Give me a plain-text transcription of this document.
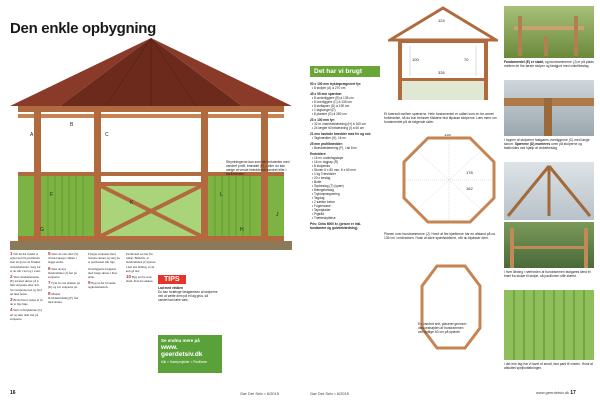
Den enkle opbygning
A	C
B
F
K
L
J
G	H
Stryntningerne kan som her bekrædes med vandret profil, bræddet (F) – eller du kan vælge at vende brædderne vandret eller i skråmønster.

1 Når du har fundet et egnet sted til pavillonen skal du grave de 8 huller til fundamentet. Sørg for at de står i lod og i vater.

2 Skær fundamenterne (E) ud med skruer på 4 mm stolpesko eller stål. Sæt stolperne ned og fyld ud med beton.

3 Brænd hver stolpe af så de er lige høje.

4 Skær loftstykkerne (G) ud og skru dem fast på stolperne.

5 Skær de otte sider (S) til med skarpe vinkler i begge ender.

6 Skru de nye bundrammer (J) fast på stolperne.

7 Fyld de otte planker på (K) og sæt stolperne på.

8 Monter bræddeklædning (F) fast med skruer.

Fastgør stolperne med lodrette skruer og sørg for at pavillonen står lige.

Overliggerne fastgøres med lange skruer i hver ende.

9 Byg så det bærende tagkonstruktion.

Pavillonen ser her fin sådan. Bemærk, at bundrammen (J) fjernes i den ene åbning, så du kan gå ind.

10 Byg en rist som bund, hvis det ønskes.	TIPS
Lad med vinklen
Du kan forlænge fastgørelsen af stolperne ved at sætte dem på et lag grus, så vandet kan løbe væk.
Se endnu mere på
www.
geerdetsiv.dk
Klik > Haveprojekter > Pavilloner
16	Gør Det Selv • 6/2015
124
326
100	70
Det har vi brugt
50 x 100 mm trykimprægneret fyr:
• 8 stolper (A) à 270 cm
45 x 95 mm spærtræ:
• 8 underliggere (B) à 135 cm
• 8 overliggere (C) à 135 cm
• 8 skråspær (D) à 190 cm
• 1 tagkongel (E)
• 8 planker (G) à 280 cm
23 x 100 mm fyr:
• 32 m underbeklædning (H) à 160 cm
• 24 lægter til beklædning (I) à 60 cm
21 mm høvlede brædder med fer og not:
• Tagbrædder (K), 16 m²
25 mm profilbrædder:
• Bræddeklædning (F), i alt 8 m²
Endvidere:
• 16 m² underlagstape
• 16 m² tagpap (R)
• 8 stolpesko
• Skruer 6 x 80 mm, 6 x 60 mm
• 1 kg Trævinkler
• 20 x beslag
• Bolte
• Topbeslag (T) (spær)
• Hængebeslag
• Trykimprægnering
• Tagdug
• 2 sække beton
• Fugemasse
• Tapetplader
• Pigtråd
• Træbeskyttelse
Pris: Cirka 6000 kr. (prisen er inkl. fundament og gulvbeklædning)
Et tværsnit mellem spærerne. Hele fundamentet er udført som en tre-armet forbindelse, så du kun behøver tilskære blot tilpasse stolperne. Læs mere om fundamentet på de følgende sider.
135
178
162
Planen over bundrammerne (J). Hvert af fire bjælkerne har en afstand på ca. 135 cm i omkredsen. Husk at sikre spærfødderne, når du tilpasser dem.
En vandret snit, placeret gennem vindueshøjden af bundrammen ved nyttige 60 cm på spæret.
Fundamentet (E) er støbt, og bundrammerne (J) er på plads mellem de fire første stolper og fastgjort med vinkelbeslag.
I toppen af stolperne fastgøres overliggerne (C) med lange skruer. Spærene (D) monteres oven på stolperne og fastholdes ved hjælp af vinkelbeslag.
I hver åbning i nærheden af bundrammen fastgøres først et bræt fra stolpe til stolpe, så pavillonen står stærkt.
I det ene fag har vi lavet et smalt, fast parti til vinden. Husk at afsluttet spejlindfatningen.
Gør Det Selv • 6/2015	www.geerdetsiv.dk 17
